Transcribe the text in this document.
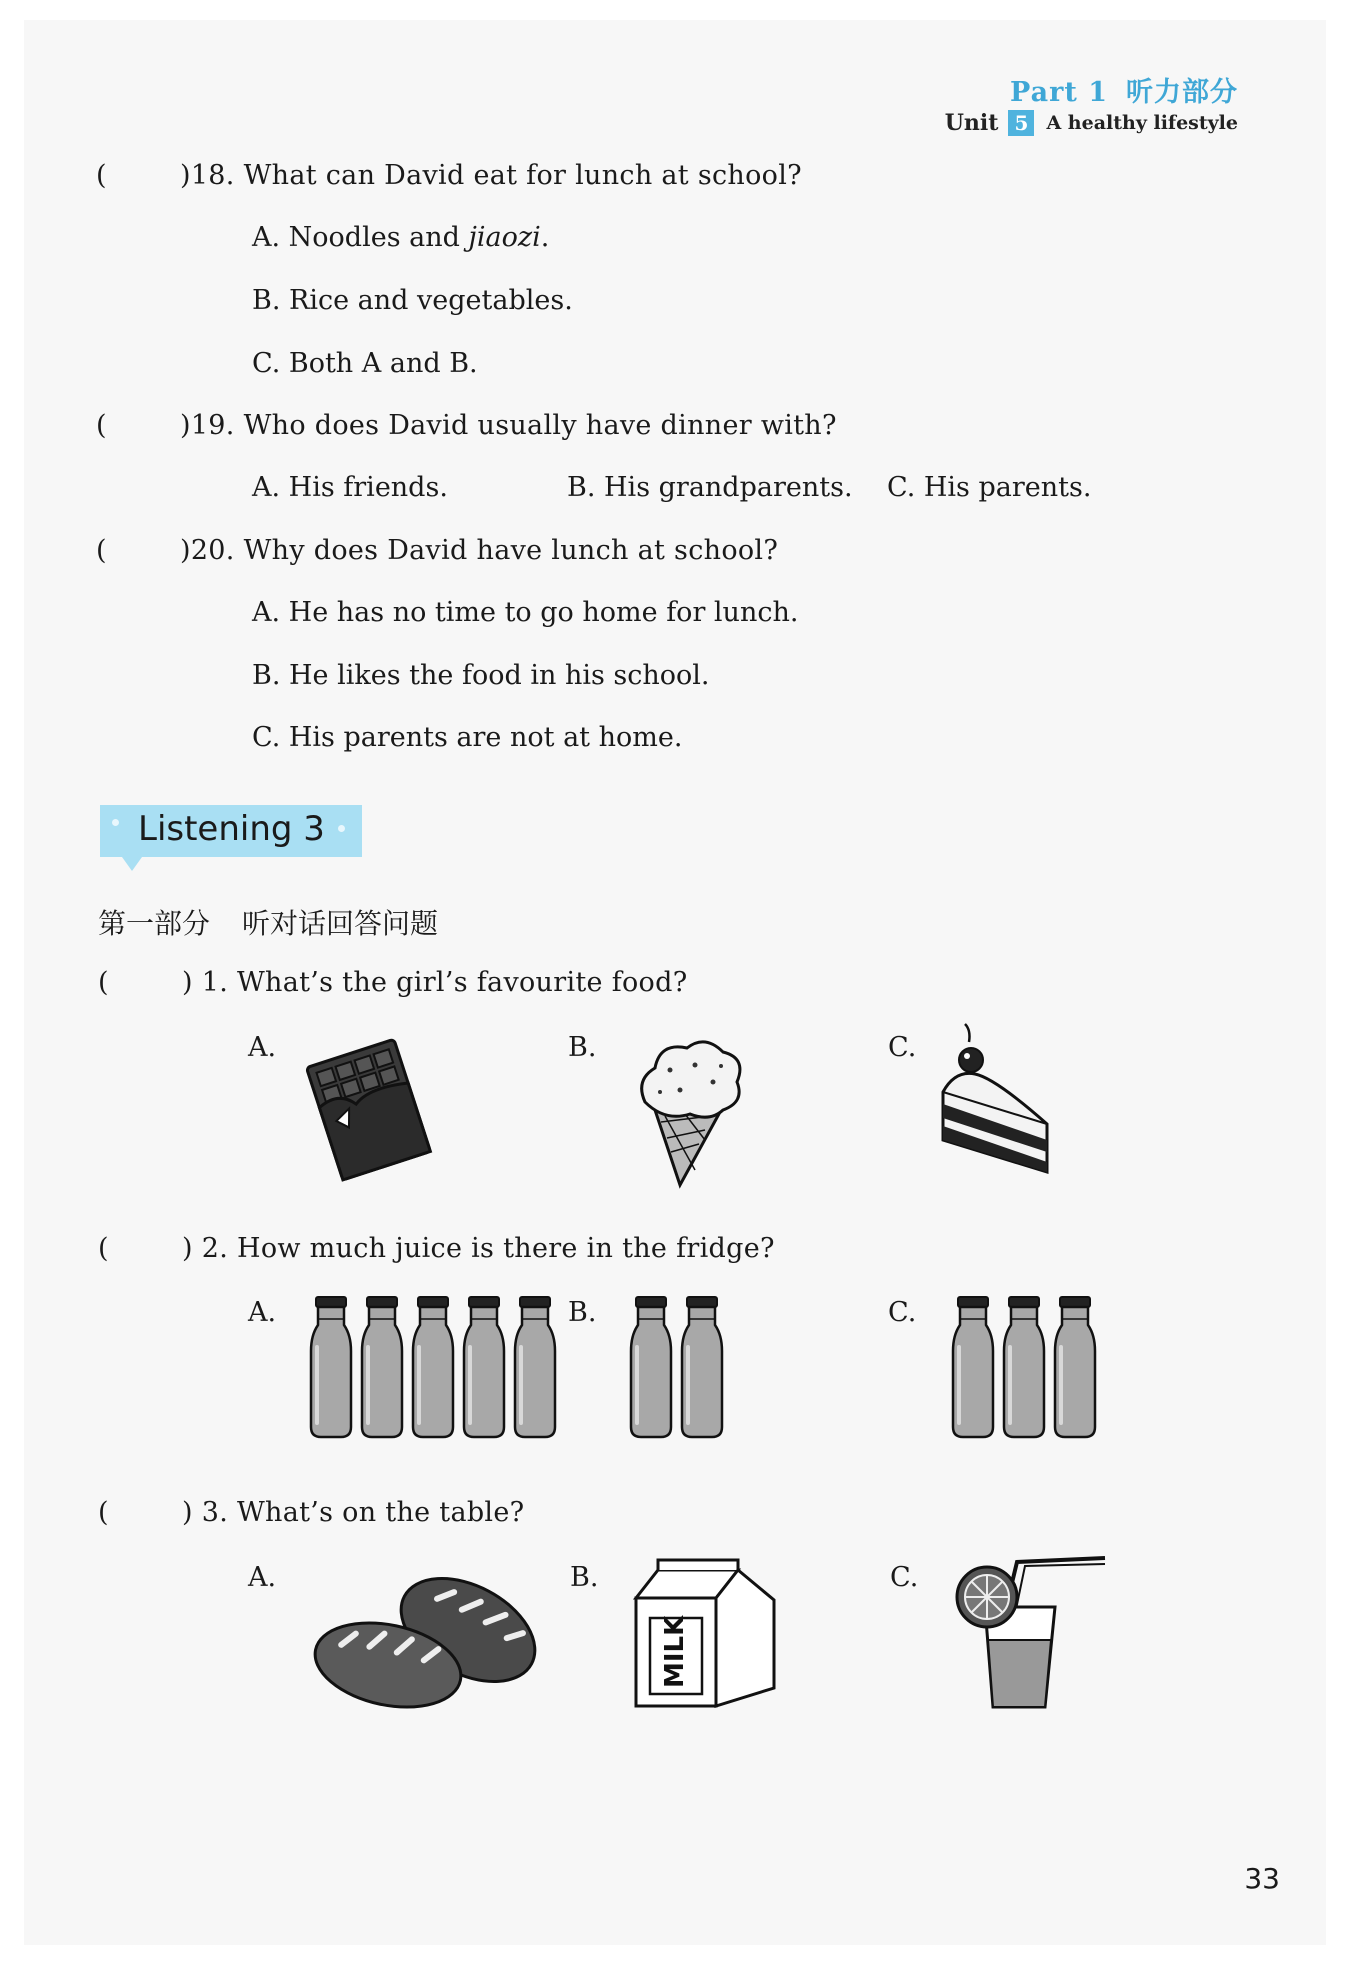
Part 1 听力部分
Unit 5 A healthy lifestyle
(	)18. What can David eat for lunch at school?
A. Noodles and jiaozi.
B. Rice and vegetables.
C. Both A and B.
(	)19. Who does David usually have dinner with?
A. His friends.	B. His grandparents. C. His parents.
(	)20. Why does David have lunch at school?
A. He has no time to go home for lunch.
B. He likes the food in his school.
C. His parents are not at home.
Listening 3
第一部分 听对话回答问题
(	) 1. What’s the girl’s favourite food?
A.	B.	C.
(	) 2. How much juice is there in the fridge?
A.	B.	C.
(	) 3. What’s on the table?
A.	B.	C.
MILK
33
